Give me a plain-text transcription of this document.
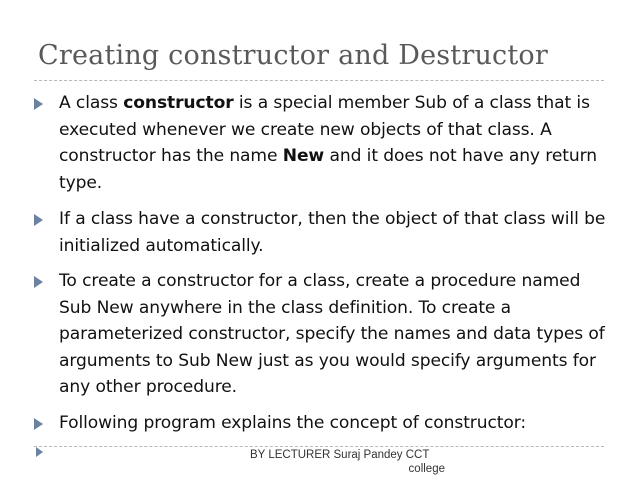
Creating constructor and Destructor
A class constructor is a special member Sub of a class that is executed whenever we create new objects of that class. A constructor has the name New and it does not have any return type.
If a class have a constructor, then the object of that class will be initialized automatically.
To create a constructor for a class, create a procedure named Sub New anywhere in the class definition. To create a parameterized constructor, specify the names and data types of arguments to Sub New just as you would specify arguments for any other procedure.
Following program explains the concept of constructor:
BY LECTURER Suraj Pandey CCT
college
